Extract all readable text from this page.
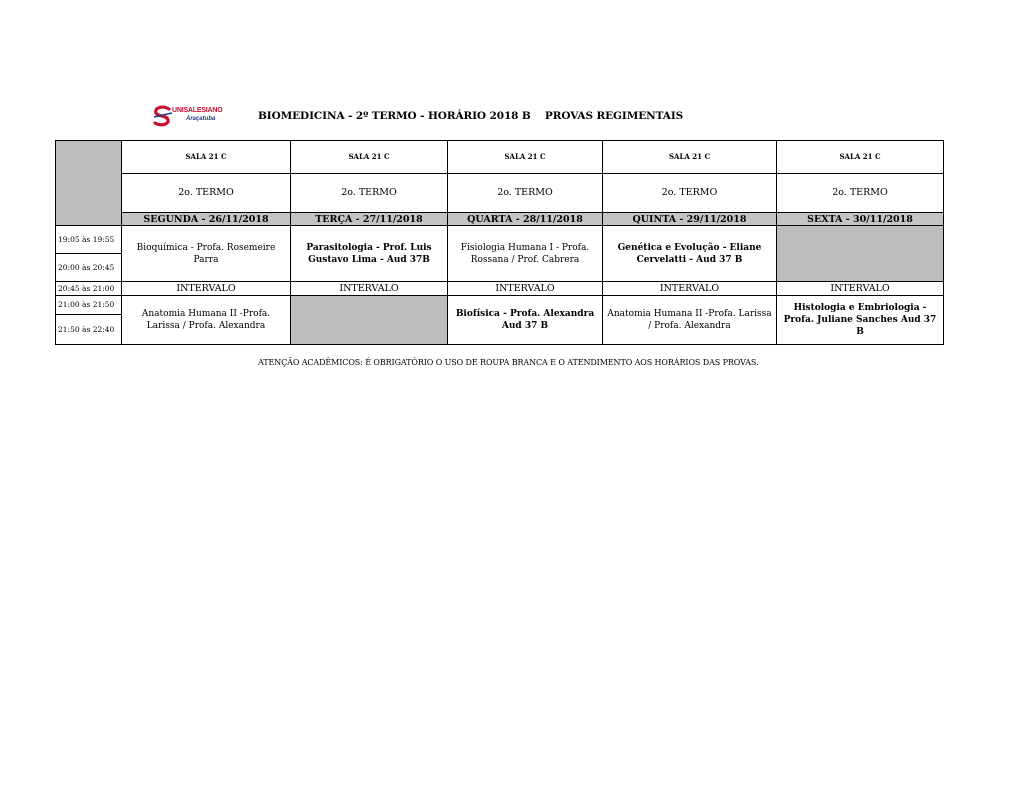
UNISALESIANO
Araçatuba	BIOMEDICINA - 2º TERMO - HORÁRIO 2018 B    PROVAS REGIMENTAIS
	SALA 21 C	SALA 21 C	SALA 21 C	SALA 21 C	SALA 21 C
	2o. TERMO	2o. TERMO	2o. TERMO	2o. TERMO	2o. TERMO
	SEGUNDA - 26/11/2018	TERÇA - 27/11/2018	QUARTA - 28/11/2018	QUINTA - 29/11/2018	SEXTA - 30/11/2018
19:05 às 19:55	Bioquímica - Profa. Rosemeire Parra	Parasitologia - Prof. Luis Gustavo Lima - Aud 37B	Fisiologia Humana I - Profa. Rossana / Prof. Cabrera	Genética e Evolução - Eliane Cervelatti - Aud 37 B	
20:00 às 20:45					
20:45 às 21:00	INTERVALO	INTERVALO	INTERVALO	INTERVALO	INTERVALO
21:00 às 21:50	Anatomia Humana II -Profa. Larissa / Profa. Alexandra		Biofísica - Profa. Alexandra Aud 37 B	Anatomia Humana II -Profa. Larissa / Profa. Alexandra	Histologia e Embriologia - Profa. Juliane Sanches Aud 37 B
21:50 às 22:40					
ATENÇÃO ACADÊMICOS: É OBRIGATÓRIO O USO DE ROUPA BRANCA E O ATENDIMENTO AOS HORÁRIOS DAS PROVAS.
